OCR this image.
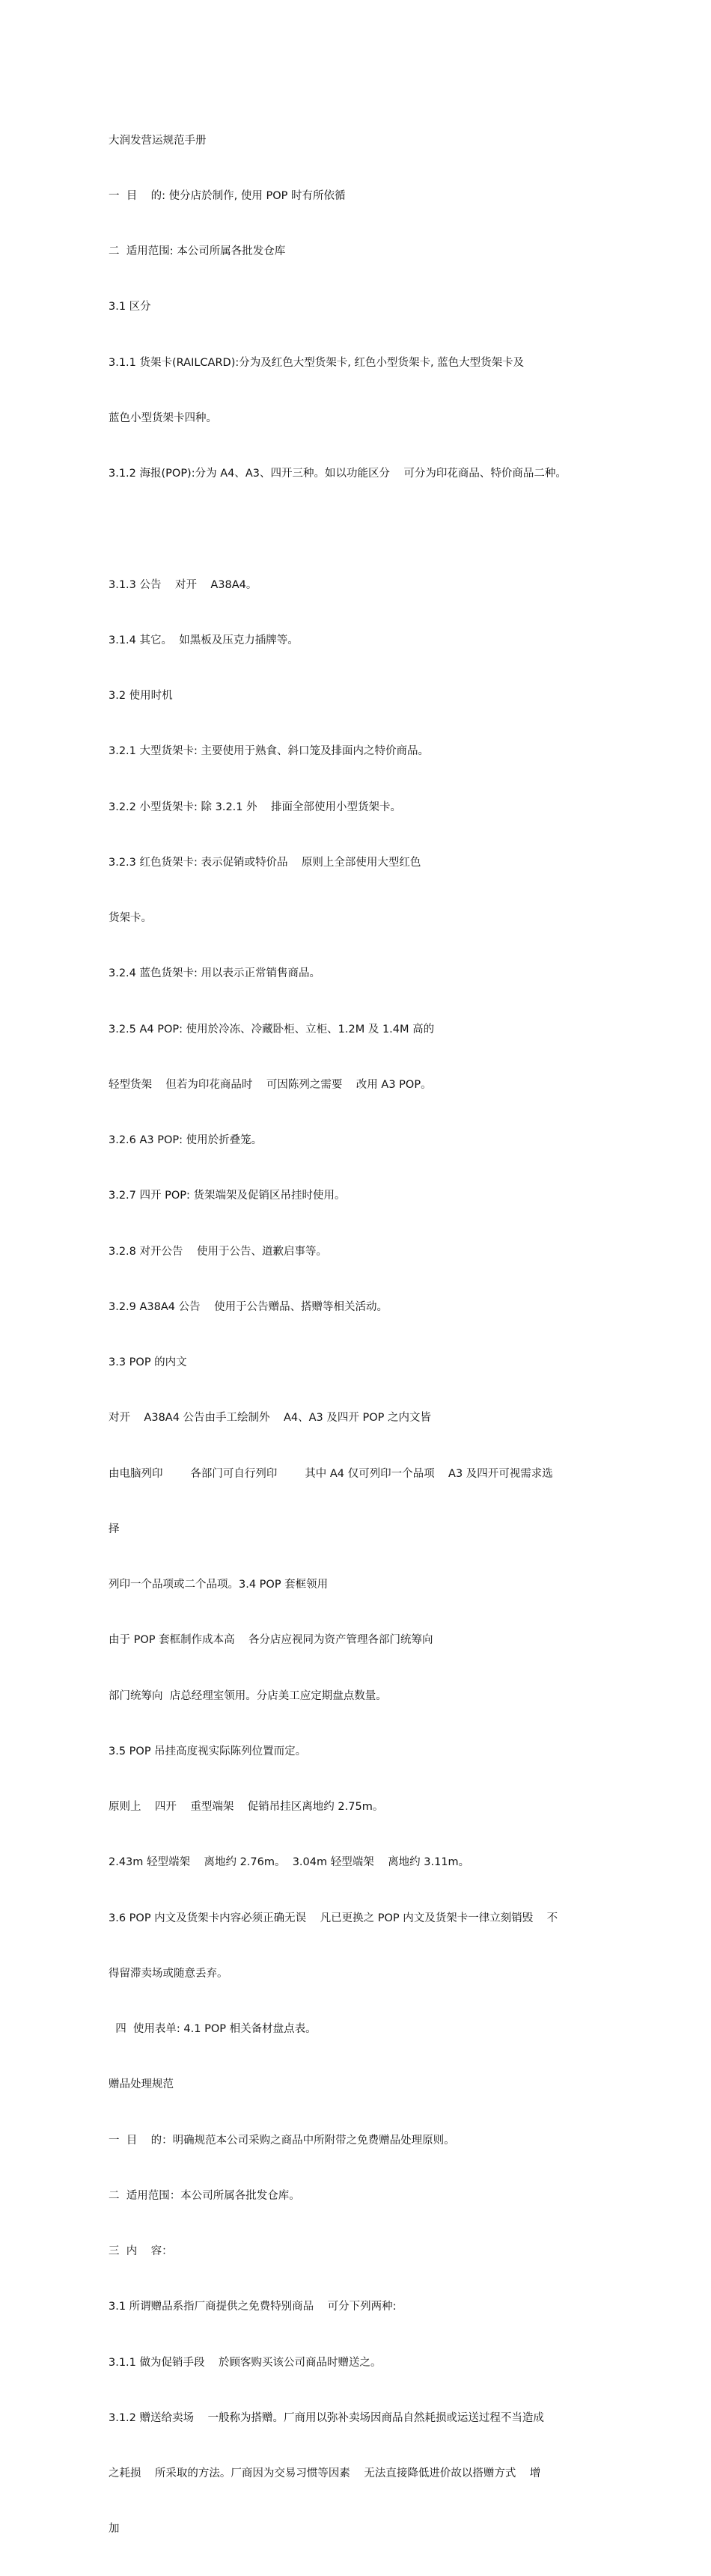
大润发营运规范手册

一  目    的: 使分店於制作, 使用 POP 时有所依循

二  适用范围: 本公司所属各批发仓库

3.1 区分

3.1.1 货架卡(RAILCARD):分为及红色大型货架卡, 红色小型货架卡, 蓝色大型货架卡及

蓝色小型货架卡四种。

3.1.2 海报(POP):分为 A4、A3、四开三种。如以功能区分    可分为印花商品、特价商品二种。

3.1.3 公告    对开    A38A4。

3.1.4 其它。  如黑板及压克力插牌等。

3.2 使用时机

3.2.1 大型货架卡: 主要使用于熟食、斜口笼及排面内之特价商品。

3.2.2 小型货架卡: 除 3.2.1 外    排面全部使用小型货架卡。

3.2.3 红色货架卡: 表示促销或特价品    原则上全部使用大型红色

货架卡。

3.2.4 蓝色货架卡: 用以表示正常销售商品。

3.2.5 A4 POP: 使用於冷冻、冷藏卧柜、立柜、1.2M 及 1.4M 高的

轻型货架    但若为印花商品时    可因陈列之需要    改用 A3 POP。

3.2.6 A3 POP: 使用於折叠笼。

3.2.7 四开 POP: 货架端架及促销区吊挂时使用。

3.2.8 对开公告    使用于公告、道歉启事等。

3.2.9 A38A4 公告    使用于公告赠品、搭赠等相关活动。

3.3 POP 的内文

对开    A38A4 公告由手工绘制外    A4、A3 及四开 POP 之内文皆

由电脑列印        各部门可自行列印        其中 A4 仅可列印一个品项    A3 及四开可视需求选

择

列印一个品项或二个品项。3.4 POP 套框领用

由于 POP 套框制作成本高    各分店应视同为资产管理各部门统筹向

部门统筹向  店总经理室领用。分店美工应定期盘点数量。

3.5 POP 吊挂高度视实际陈列位置而定。

原则上    四开    重型端架    促销吊挂区离地约 2.75m。

2.43m 轻型端架    离地约 2.76m。  3.04m 轻型端架    离地约 3.11m。

3.6 POP 内文及货架卡内容必须正确无误    凡已更换之 POP 内文及货架卡一律立刻销毁    不

得留滞卖场或随意丢弃。

四  使用表单: 4.1 POP 相关备材盘点表。

赠品处理规范

一  目    的：明确规范本公司采购之商品中所附带之免费赠品处理原则。

二  适用范围：本公司所属各批发仓库。

三  内    容：

3.1 所谓赠品系指厂商提供之免费特别商品    可分下列两种:

3.1.1 做为促销手段    於顾客购买该公司商品时赠送之。

3.1.2 赠送给卖场    一般称为搭赠。厂商用以弥补卖场因商品自然耗损或运送过程不当造成

之耗损    所采取的方法。厂商因为交易习惯等因素    无法直接降低进价故以搭赠方式    增

加
